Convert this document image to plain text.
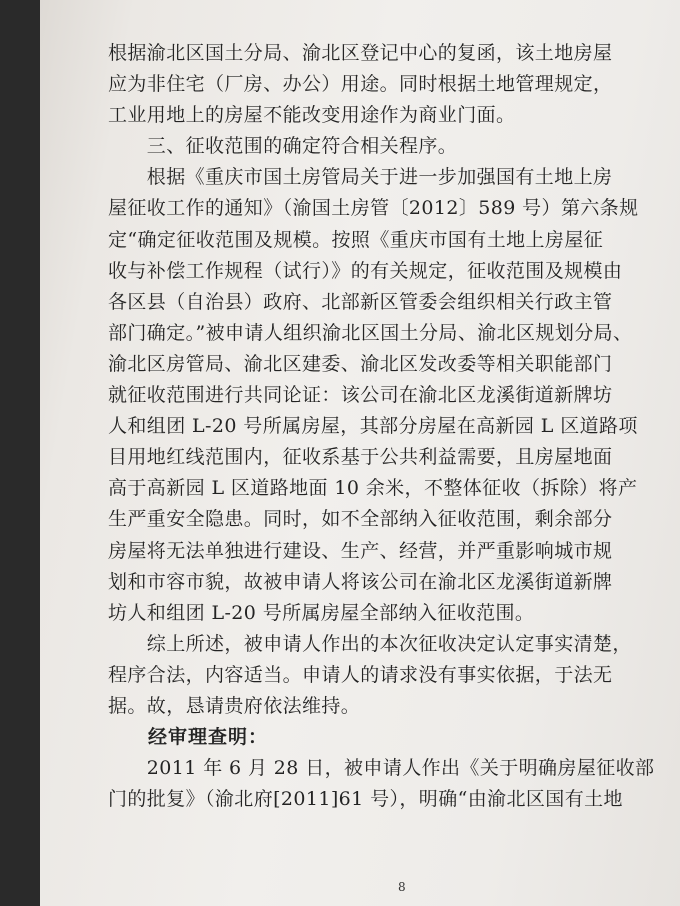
根据渝北区国土分局、渝北区登记中心的复函，该土地房屋
应为非住宅（厂房、办公）用途。同时根据土地管理规定，
工业用地上的房屋不能改变用途作为商业门面。
　　三、征收范围的确定符合相关程序。
　　根据《重庆市国土房管局关于进一步加强国有土地上房
屋征收工作的通知》（渝国土房管〔2012〕589 号）第六条规
定“确定征收范围及规模。按照《重庆市国有土地上房屋征
收与补偿工作规程（试行）》的有关规定，征收范围及规模由
各区县（自治县）政府、北部新区管委会组织相关行政主管
部门确定。”被申请人组织渝北区国土分局、渝北区规划分局、
渝北区房管局、渝北区建委、渝北区发改委等相关职能部门
就征收范围进行共同论证：该公司在渝北区龙溪街道新牌坊
人和组团 L-20 号所属房屋，其部分房屋在高新园 L 区道路项
目用地红线范围内，征收系基于公共利益需要，且房屋地面
高于高新园 L 区道路地面 10 余米，不整体征收（拆除）将产
生严重安全隐患。同时，如不全部纳入征收范围，剩余部分
房屋将无法单独进行建设、生产、经营，并严重影响城市规
划和市容市貌，故被申请人将该公司在渝北区龙溪街道新牌
坊人和组团 L-20 号所属房屋全部纳入征收范围。
　　综上所述，被申请人作出的本次征收决定认定事实清楚，
程序合法，内容适当。申请人的请求没有事实依据，于法无
据。故，恳请贵府依法维持。
　　经审理查明：
　　2011 年 6 月 28 日，被申请人作出《关于明确房屋征收部
门的批复》（渝北府[2011]61 号），明确“由渝北区国有土地
8
